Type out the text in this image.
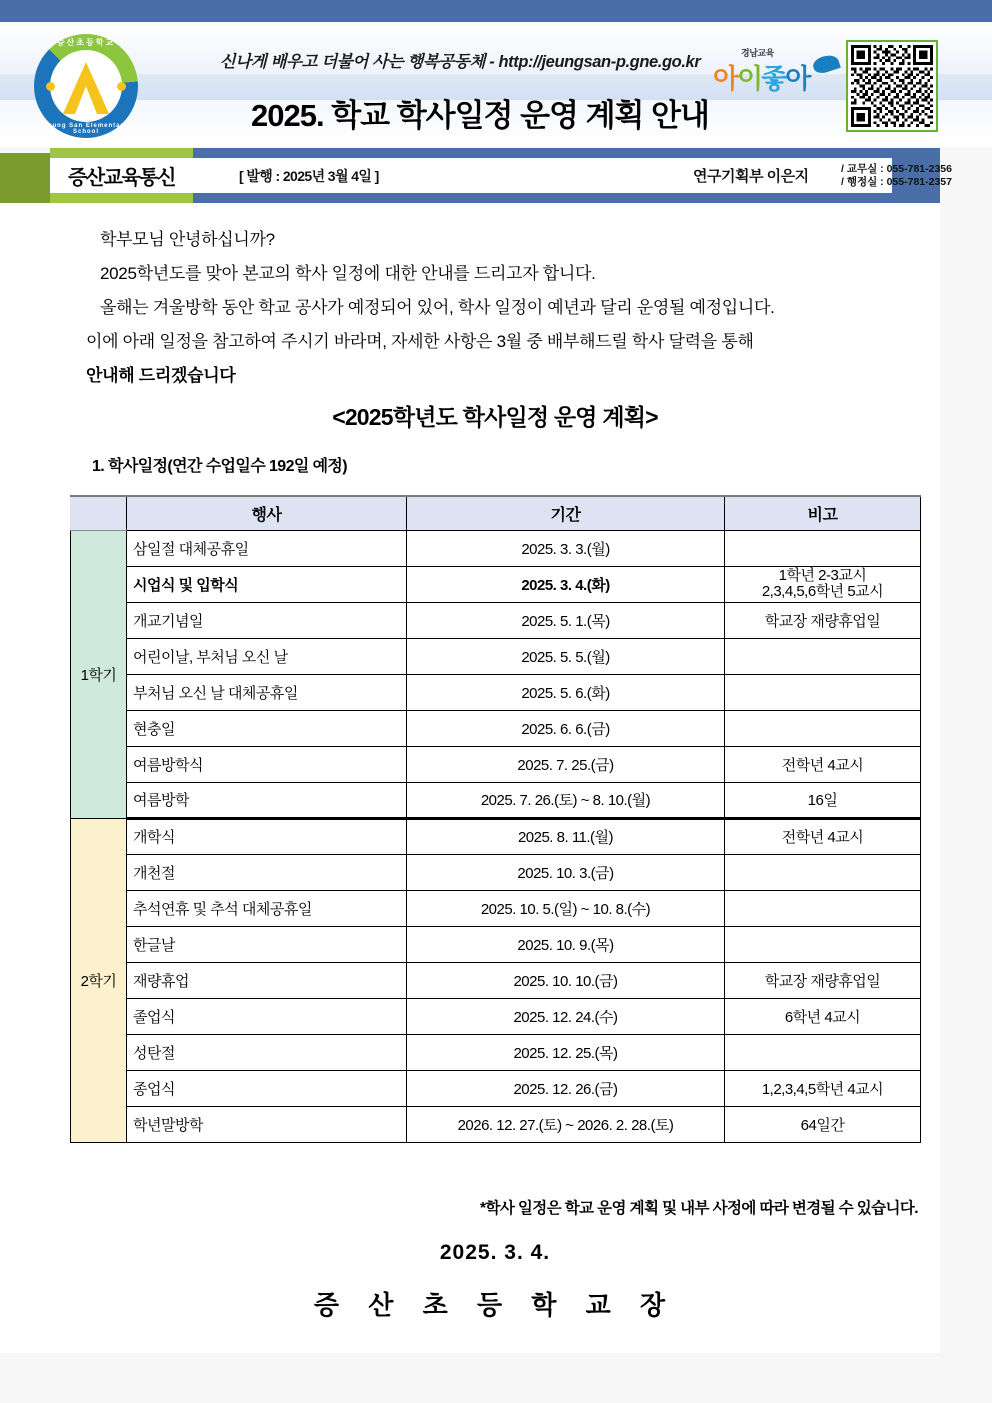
증산초등학교
Jeung San Elementary School
신나게 배우고 더불어 사는 행복공동체 - http://jeungsan-p.gne.go.kr
2025. 학교 학사일정 운영 계획 안내
경남교육
아이좋아
증산교육통신	[ 발행 : 2025년 3월 4일 ]	연구기획부 이은지	/ 교무실 : 055-781-2356
/ 행정실 : 055-781-2357

학부모님 안녕하십니까?

2025학년도를 맞아 본교의 학사 일정에 대한 안내를 드리고자 합니다.

올해는 겨울방학 동안 학교 공사가 예정되어 있어, 학사 일정이 예년과 달리 운영될 예정입니다.

이에 아래 일정을 참고하여 주시기 바라며, 자세한 사항은 3월 중 배부해드릴 학사 달력을 통해

안내해 드리겠습니다

<2025학년도 학사일정 운영 계획>
1. 학사일정(연간 수업일수 192일 예정)
	행사	기간	비고
1학기	삼일절 대체공휴일	2025. 3. 3.(월)	
	시업식 및 입학식	2025. 3. 4.(화)	1학년 2-3교시
2,3,4,5,6학년 5교시

	개교기념일	2025. 5. 1.(목)	학교장 재량휴업일
	어린이날, 부처님 오신 날	2025. 5. 5.(월)	
	부처님 오신 날 대체공휴일	2025. 5. 6.(화)	
	현충일	2025. 6. 6.(금)	
	여름방학식	2025. 7. 25.(금)	전학년 4교시
	여름방학	2025. 7. 26.(토) ~ 8. 10.(월)	16일
2학기	개학식	2025. 8. 11.(월)	전학년 4교시
	개천절	2025. 10. 3.(금)	
	추석연휴 및 추석 대체공휴일	2025. 10. 5.(일) ~ 10. 8.(수)	
	한글날	2025. 10. 9.(목)	
	재량휴업	2025. 10. 10.(금)	학교장 재량휴업일
	졸업식	2025. 12. 24.(수)	6학년 4교시
	성탄절	2025. 12. 25.(목)	
	종업식	2025. 12. 26.(금)	1,2,3,4,5학년 4교시
	학년말방학	2026. 12. 27.(토) ~ 2026. 2. 28.(토)	64일간
*학사 일정은 학교 운영 계획 및 내부 사정에 따라 변경될 수 있습니다.
2025. 3. 4.
증 산 초 등 학 교 장
